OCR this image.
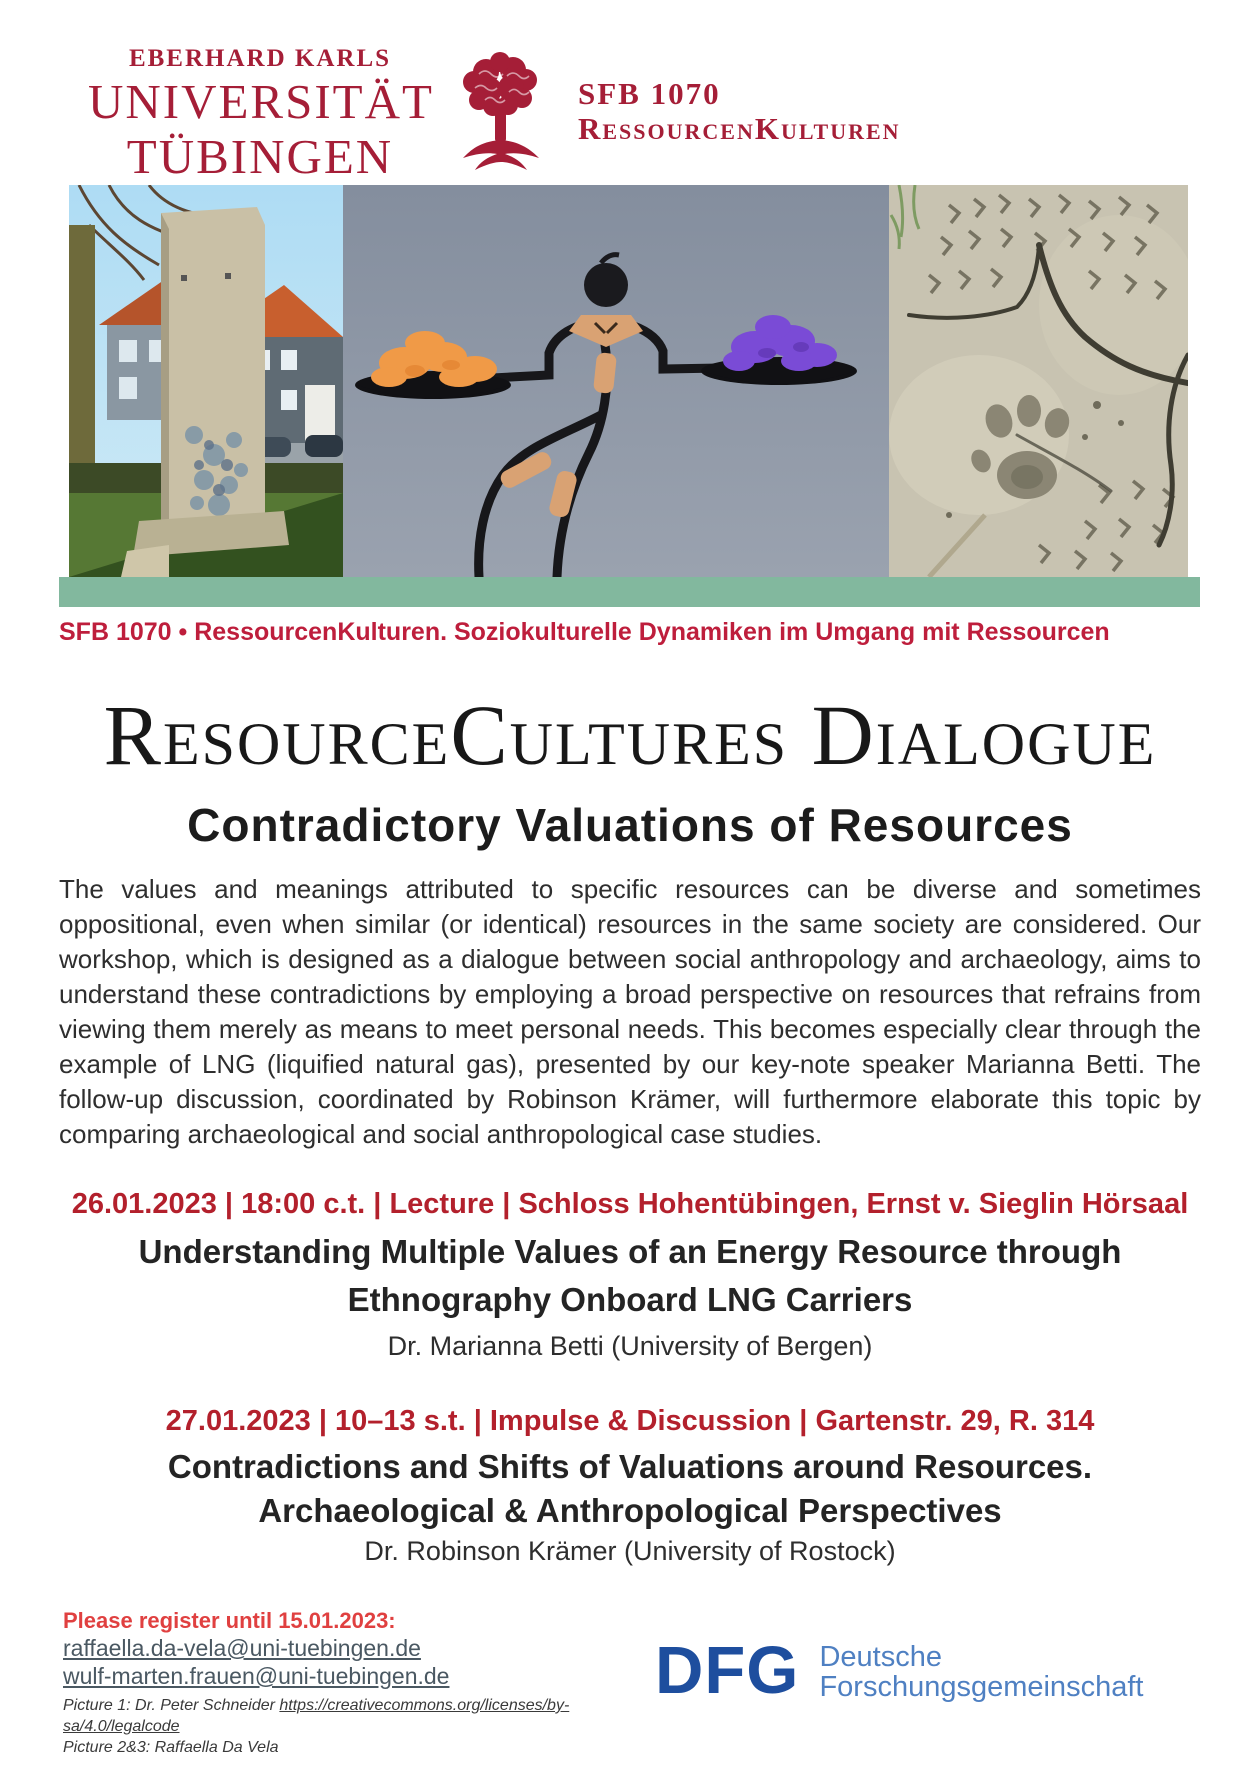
EBERHARD KARLS
UNIVERSITÄT
TÜBINGEN
SFB 1070
RessourcenKulturen
SFB 1070 • RessourcenKulturen. Soziokulturelle Dynamiken im Umgang mit Ressourcen
ResourceCultures Dialogue
Contradictory Valuations of Resources
The values and meanings attributed to specific resources can be diverse and sometimes oppositional, even when similar (or identical) resources in the same society are considered. Our workshop, which is designed as a dialogue between social anthropology and archaeology, aims to understand these contradictions by employing a broad perspective on resources that refrains from viewing them merely as means to meet personal needs. This becomes especially clear through the example of LNG (liquified natural gas), presented by our key-note speaker Marianna Betti. The follow-up discussion, coordinated by Robinson Krämer, will furthermore elaborate this topic by comparing archaeological and social anthropological case studies.
26.01.2023 | 18:00 c.t. | Lecture | Schloss Hohentübingen, Ernst v. Sieglin Hörsaal
Understanding Multiple Values of an Energy Resource through
Ethnography Onboard LNG Carriers
Dr. Marianna Betti (University of Bergen)
27.01.2023 | 10–13 s.t. | Impulse & Discussion | Gartenstr. 29, R. 314
Contradictions and Shifts of Valuations around Resources.
Archaeological & Anthropological Perspectives
Dr. Robinson Krämer (University of Rostock)
Please register until 15.01.2023:
raffaella.da-vela@uni-tuebingen.de
wulf-marten.frauen@uni-tuebingen.de
Picture 1: Dr. Peter Schneider https://creativecommons.org/licenses/by-sa/4.0/legalcode
Picture 2&3: Raffaella Da Vela
DFG Deutsche
Forschungsgemeinschaft
